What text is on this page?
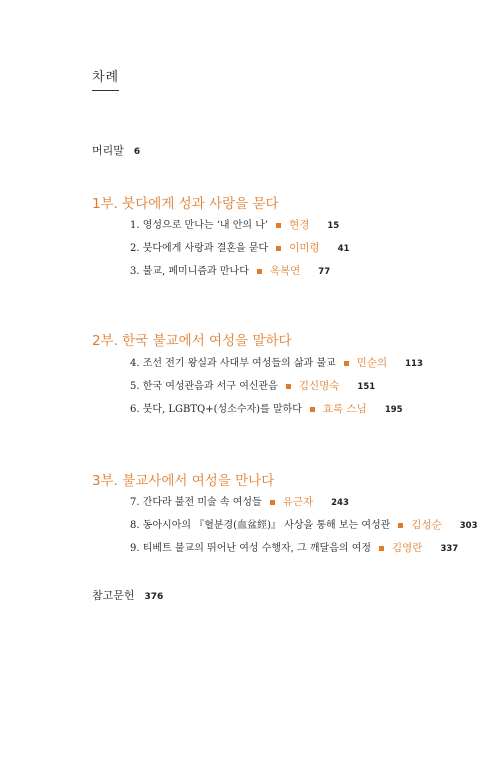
차례
머리말 6
1부. 붓다에게 성과 사랑을 묻다
1. 영성으로 만나는 ‘내 안의 나’ 현경 15
2. 붓다에게 사랑과 결혼을 묻다 이미령 41
3. 불교, 페미니즘과 만나다 옥복연 77
2부. 한국 불교에서 여성을 말하다
4. 조선 전기 왕실과 사대부 여성들의 삶과 불교 민순의 113
5. 한국 여성관음과 서구 여신관음 김신명숙 151
6. 붓다, LGBTQ+(성소수자)를 말하다 효록 스님 195
3부. 불교사에서 여성을 만나다
7. 간다라 불전 미술 속 여성들 유근자 243
8. 동아시아의 『혈분경(血盆經)』 사상을 통해 보는 여성관 김성순 303
9. 티베트 불교의 뛰어난 여성 수행자, 그 깨달음의 여정 김영란 337
참고문헌 376
